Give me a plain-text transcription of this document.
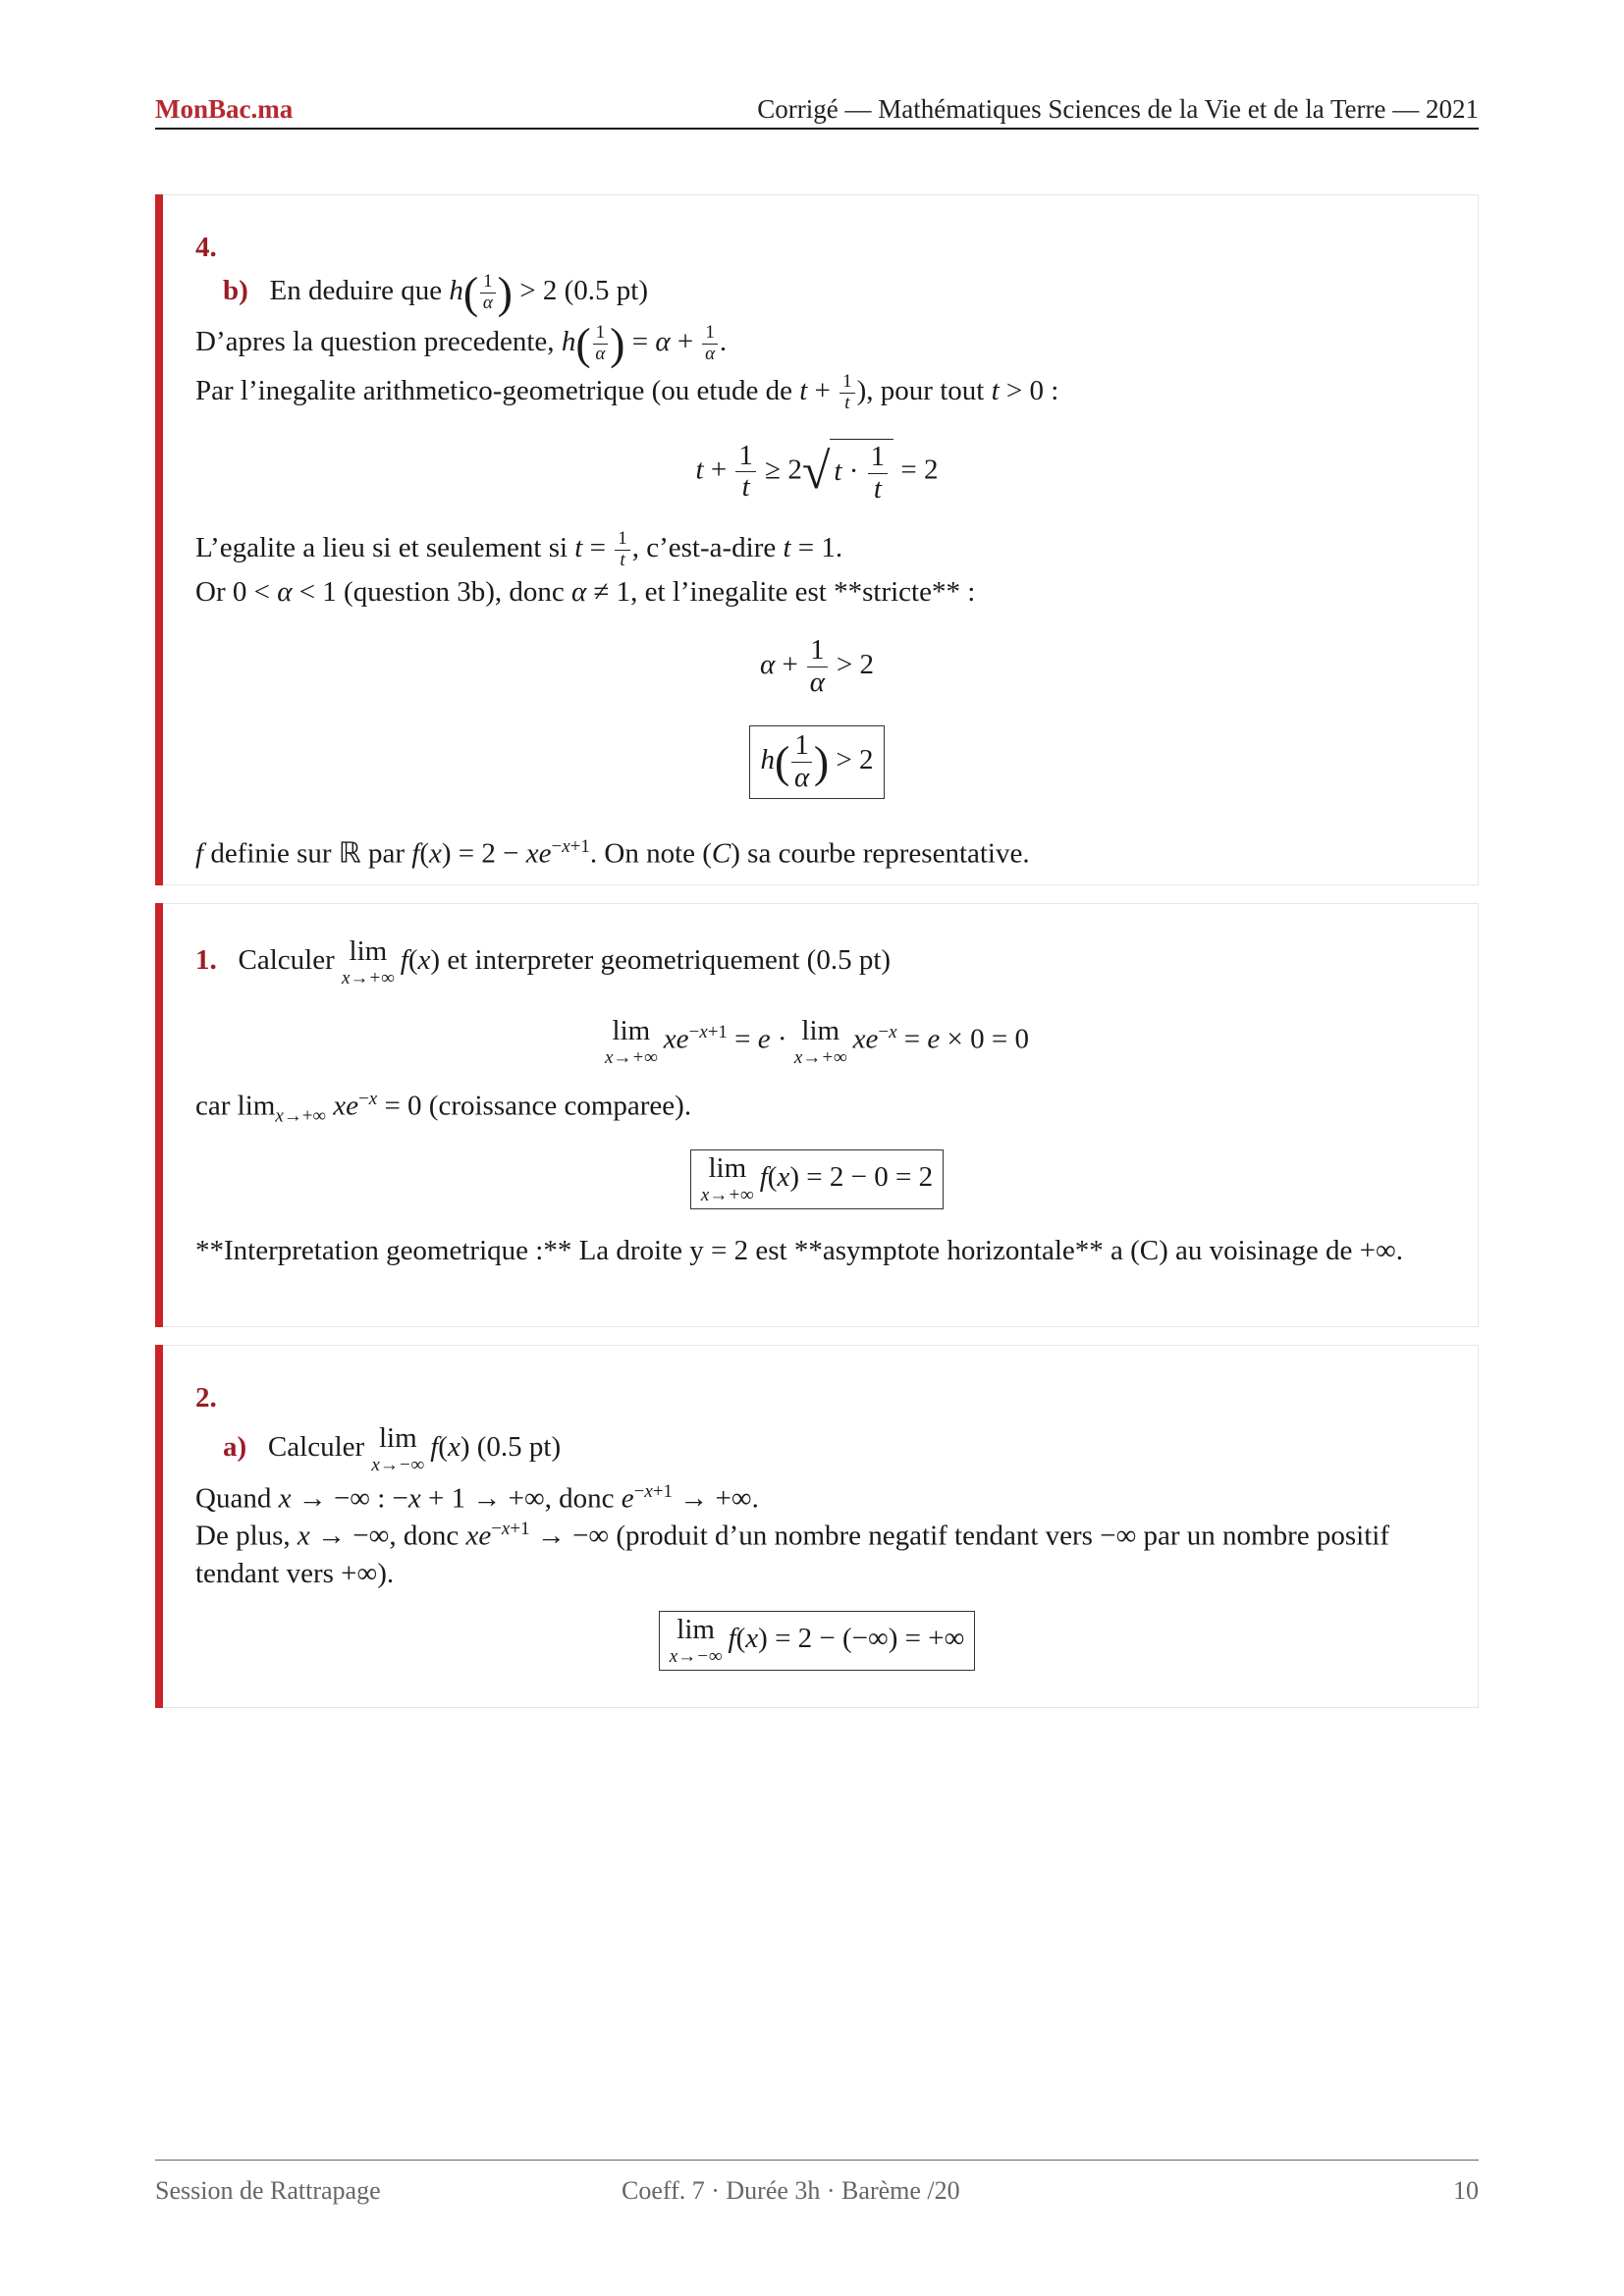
MonBac.ma	Corrigé — Mathématiques Sciences de la Vie et de la Terre — 2021
4.
b)   En deduire que $h( \frac{1}{\alpha}$ ) > 2 (0.5 pt)
D’apres la question precedente, $h( \frac{1}{\alpha}$ ) = $\alpha + \frac{1}{\alpha}$ .
Par l’inegalite arithmetico-geometrique (ou etude de $t + \frac{1}{t}$ ), pour tout t > 0 :
$t + \frac{1}{t} \ge 2√$ $t \cdot \frac{1}{t} = 2$
L’egalite a lieu si et seulement si $t = \frac{1}{t}$ , c’est-a-dire t = 1.
Or 0 < α < 1 (question 3b), donc α ≠ 1, et l’inegalite est **stricte** :
$\alpha + \frac{1}{\alpha} > 2$
$h( \frac{1}{\alpha}$ ) > 2
f definie sur ℝ par $f(x) = 2 - xe^{-x+1}$. On note (C) sa courbe representative.
1.   Calculer lim
x→+∞
f(x) et interpreter geometriquement (0.5 pt)
lim
x→+∞
$xe^{-x+1} = e \cdot \lim$
x→+∞
$xe^{-x} = e \times 0 = 0$
car $\lim_{x\to+\infty} xe^{-x} = 0$ (croissance comparee).
lim
x→+∞
f(x) = 2 − 0 = 2
**Interpretation geometrique :** La droite y = 2 est **asymptote horizontale** a (C) au voisinage de +∞.
2.
a)   Calculer lim
x→−∞
f(x) (0.5 pt)
Quand x → −∞ : −x + 1 → +∞, donc $e^{-x+1}$ → +∞.
De plus, x → −∞, donc $xe^{-x+1}$ → −∞ (produit d’un nombre negatif tendant vers −∞ par un nombre positif tendant vers +∞).
lim
x→−∞
f(x) = 2 − (−∞) = +∞
Session de Rattrapage	Coeff. 7 · Durée 3h · Barème /20	10
